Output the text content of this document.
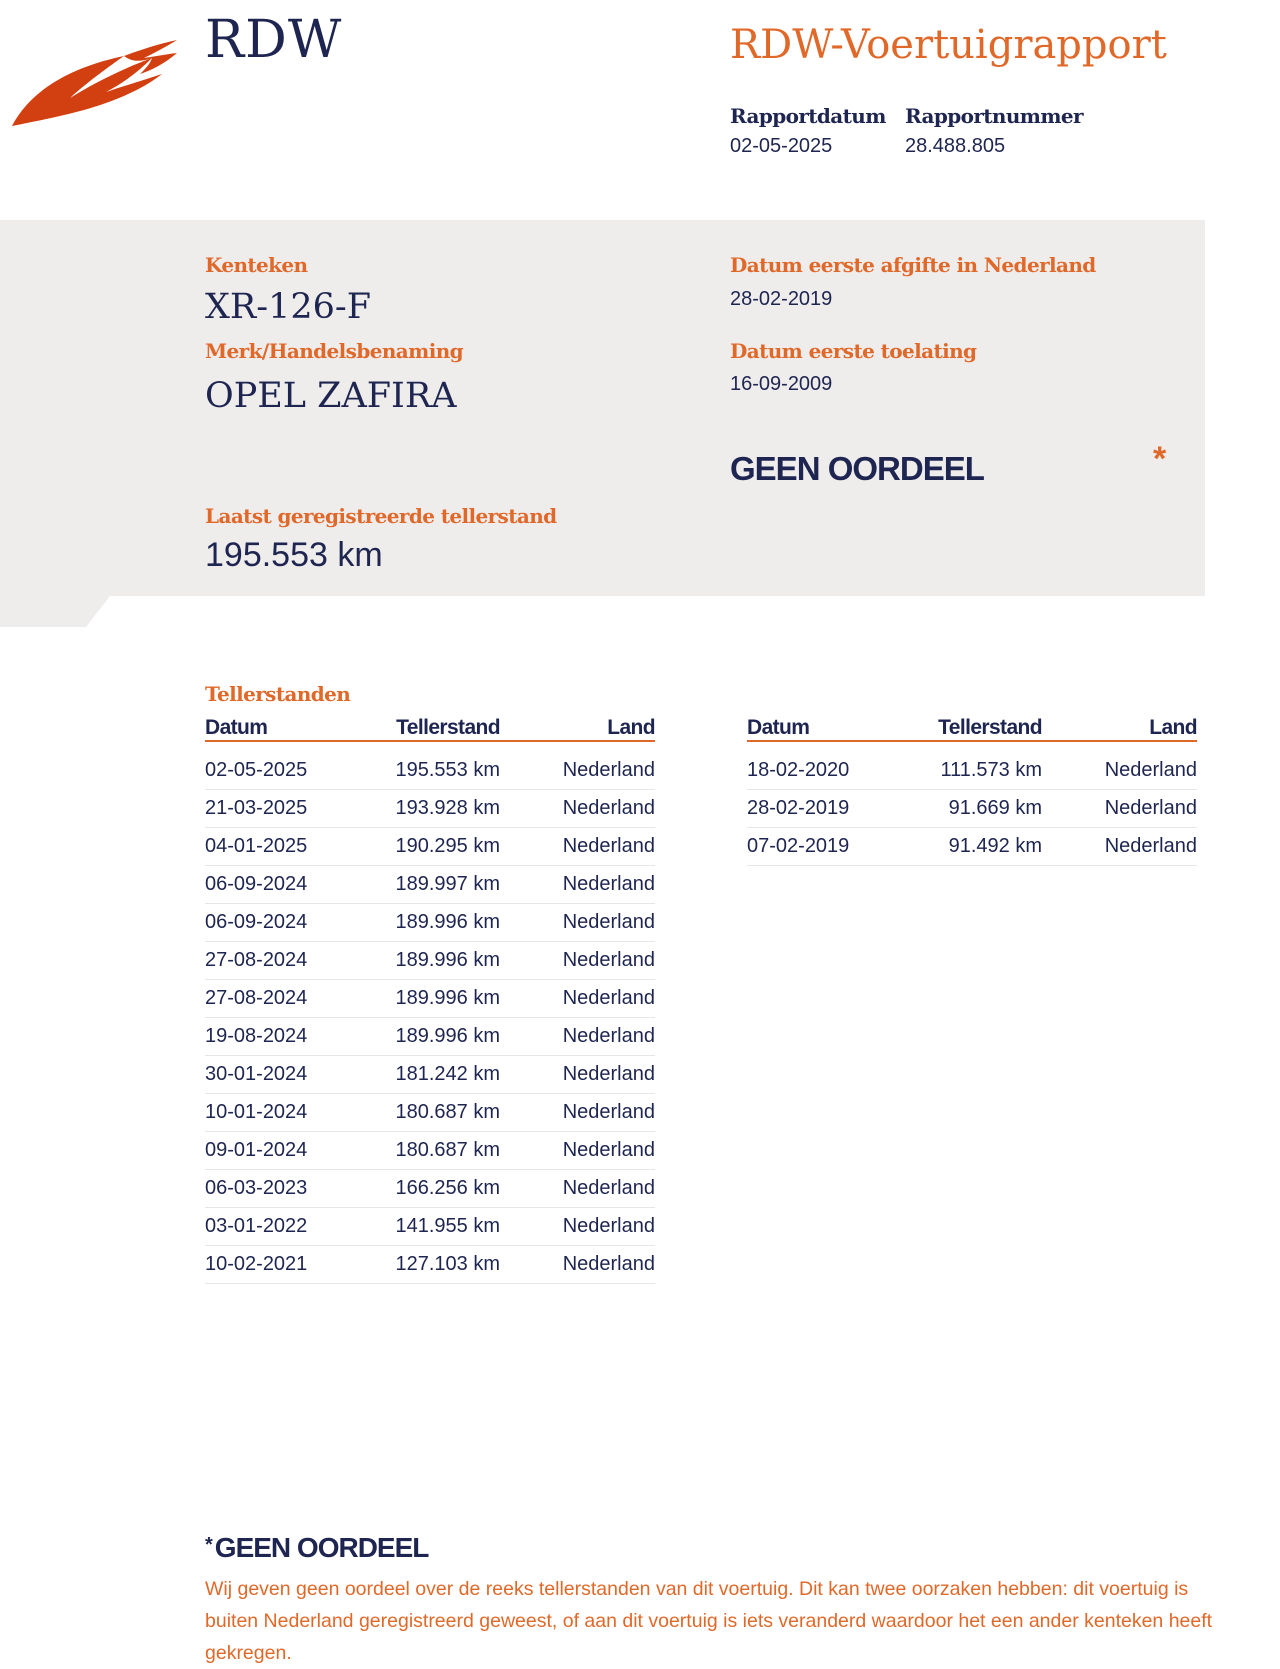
RDW	RDW-Voertuigrapport
Rapportdatum
02-05-2025
Rapportnummer
28.488.805
Kenteken
XR-126-F
Merk/Handelsbenaming
OPEL ZAFIRA
Datum eerste afgifte in Nederland
28-02-2019
Datum eerste toelating
16-09-2009
GEEN OORDEEL	*
Laatst geregistreerde tellerstand
195.553 km
Tellerstanden
Datum	Tellerstand	Land

02-05-2025	195.553 km	Nederland
21-03-2025	193.928 km	Nederland
04-01-2025	190.295 km	Nederland
06-09-2024	189.997 km	Nederland
06-09-2024	189.996 km	Nederland
27-08-2024	189.996 km	Nederland
27-08-2024	189.996 km	Nederland
19-08-2024	189.996 km	Nederland
30-01-2024	181.242 km	Nederland
10-01-2024	180.687 km	Nederland
09-01-2024	180.687 km	Nederland
06-03-2023	166.256 km	Nederland
03-01-2022	141.955 km	Nederland
10-02-2021	127.103 km	Nederland
Datum	Tellerstand	Land

18-02-2020	111.573 km	Nederland
28-02-2019	91.669 km	Nederland
07-02-2019	91.492 km	Nederland
* GEEN OORDEEL
Wij geven geen oordeel over de reeks tellerstanden van dit voertuig. Dit kan twee oorzaken hebben: dit voertuig is buiten Nederland geregistreerd geweest, of aan dit voertuig is iets veranderd waardoor het een ander kenteken heeft gekregen.
